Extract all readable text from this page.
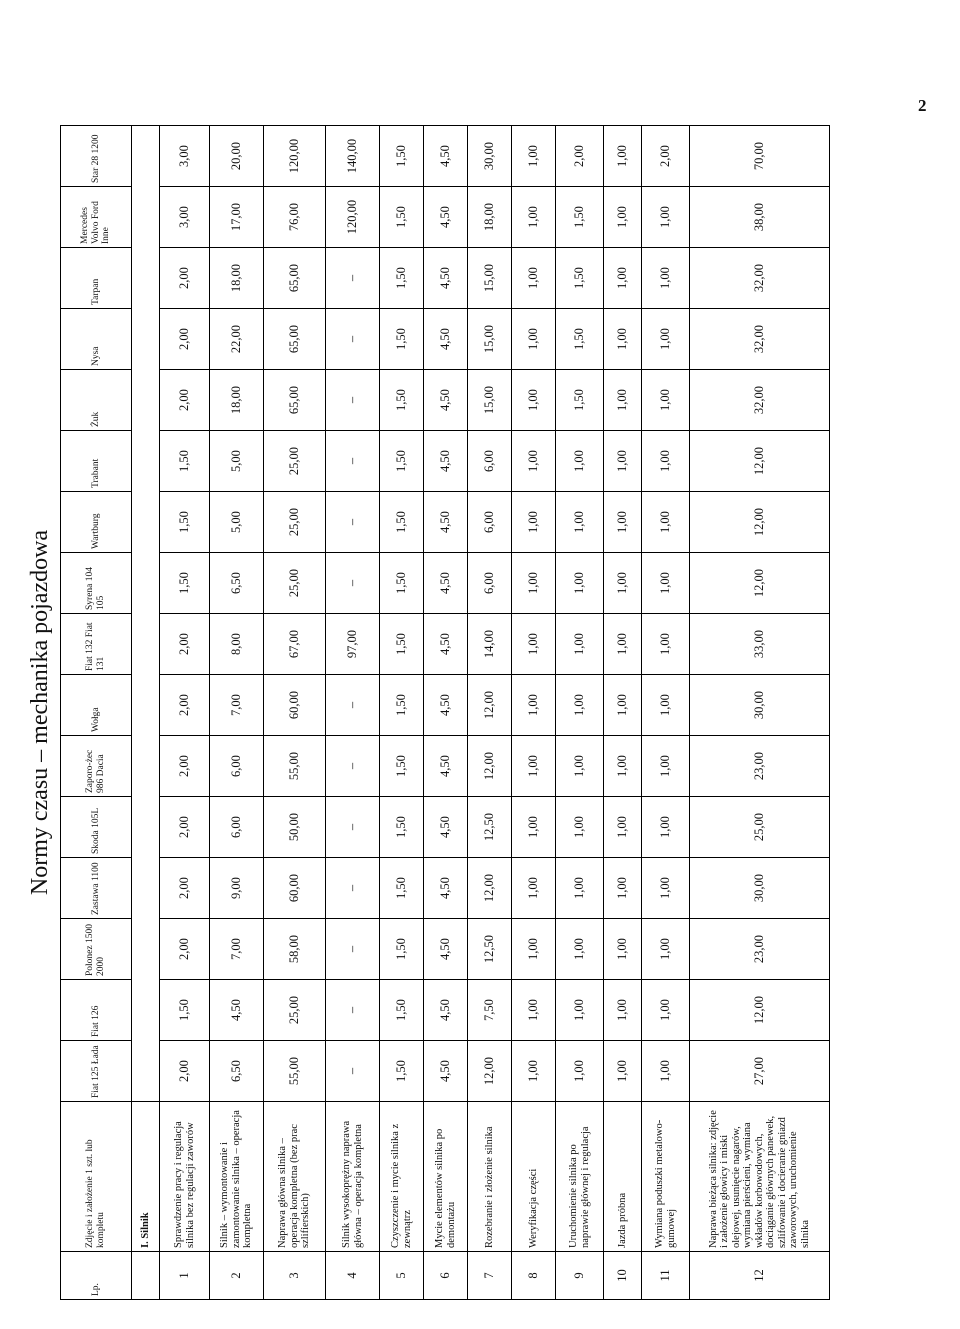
2
Normy czasu – mechanika pojazdowa
Lp.	Zdjęcie i założenie 1 szt. lub kompletu	Fiat 125 Łada	Fiat 126	Polonez 1500 2000	Zastawa 1100	Skoda 105L	Zaporo-żec 986 Dacia	Wołga	Fiat 132 Fiat 131	Syrena 104 105	Wartburg	Trabant	Żuk	Nysa	Tarpan	Mercedes Volvo Ford Inne	Star 28 1200
	I. Silnik																
1	Sprawdzenie pracy i regulacja silnika bez regulacji zaworów	2,00	1,50	2,00	2,00	2,00	2,00	2,00	2,00	1,50	1,50	1,50	2,00	2,00	2,00	3,00	3,00
2	Silnik – wymontowanie i zamontowanie silnika – operacja kompletna	6,50	4,50	7,00	9,00	6,00	6,00	7,00	8,00	6,50	5,00	5,00	18,00	22,00	18,00	17,00	20,00
3	Naprawa główna silnika – operacja kompletna (bez prac szlifierskich)	55,00	25,00	58,00	60,00	50,00	55,00	60,00	67,00	25,00	25,00	25,00	65,00	65,00	65,00	76,00	120,00
4	Silnik wysokoprężny naprawa główna – operacja kompletna	–	–	–	–	–	–	–	97,00	–	–	–	–	–	–	120,00	140,00
5	Czyszczenie i mycie silnika z zewnątrz	1,50	1,50	1,50	1,50	1,50	1,50	1,50	1,50	1,50	1,50	1,50	1,50	1,50	1,50	1,50	1,50
6	Mycie elementów silnika po demontażu	4,50	4,50	4,50	4,50	4,50	4,50	4,50	4,50	4,50	4,50	4,50	4,50	4,50	4,50	4,50	4,50
7	Rozebranie i złożenie silnika	12,00	7,50	12,50	12,00	12,50	12,00	12,00	14,00	6,00	6,00	6,00	15,00	15,00	15,00	18,00	30,00
8	Weryfikacja części	1,00	1,00	1,00	1,00	1,00	1,00	1,00	1,00	1,00	1,00	1,00	1,00	1,00	1,00	1,00	1,00
9	Uruchomienie silnika po naprawie głównej i regulacja	1,00	1,00	1,00	1,00	1,00	1,00	1,00	1,00	1,00	1,00	1,00	1,50	1,50	1,50	1,50	2,00
10	Jazda próbna	1,00	1,00	1,00	1,00	1,00	1,00	1,00	1,00	1,00	1,00	1,00	1,00	1,00	1,00	1,00	1,00
11	Wymiana poduszki metalowo-gumowej	1,00	1,00	1,00	1,00	1,00	1,00	1,00	1,00	1,00	1,00	1,00	1,00	1,00	1,00	1,00	2,00
12	Naprawa bieżąca silnika: zdjęcie i założenie głowicy i miski olejowej, usunięcie nagarów, wymiana pierścieni, wymiana wkładów korbowodowych, dociąganie głównych panewek, szlifowanie i docieranie gniazd zaworowych, uruchomienie silnika	27,00	12,00	23,00	30,00	25,00	23,00	30,00	33,00	12,00	12,00	12,00	32,00	32,00	32,00	38,00	70,00
